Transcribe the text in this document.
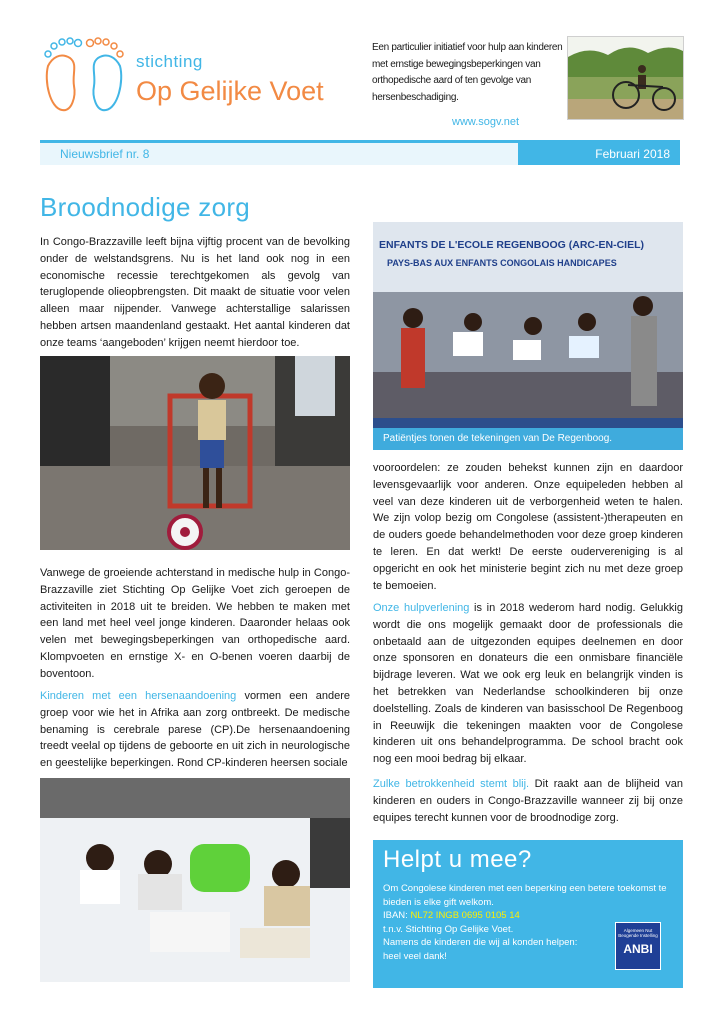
stichting
Op Gelijke Voet
Een particulier initiatief voor hulp aan kinderen met ernstige bewegingsbeperkingen van orthopedische aard of ten gevolge van hersenbeschadiging.
www.sogv.net
Nieuwsbrief nr. 8	Februari 2018
Broodnodige zorg

In Congo-Brazzaville leeft bijna vijftig procent van de bevolking onder de welstandsgrens. Nu is het land ook nog in een economische recessie terechtgekomen als gevolg van teruglopende olieopbrengsten. Dit maakt de situatie voor velen alleen maar nijpender. Vanwege achterstallige salarissen hebben artsen maandenland gestaakt. Het aantal kinderen dat onze teams ‘aangeboden’ krijgen neemt hierdoor toe.

Vanwege de groeiende achterstand in medische hulp in Congo-Brazzaville ziet Stichting Op Gelijke Voet zich geroepen de activiteiten in 2018 uit te breiden. We hebben te maken met een land met heel veel jonge kinderen. Daaronder helaas ook velen met bewegingsbeperkingen van orthopedische aard. Klompvoeten en ernstige X- en O-benen voeren daarbij de boventoon.

Kinderen met een hersenaandoening vormen een andere groep voor wie het in Afrika aan zorg ontbreekt. De medische benaming is cerebrale parese (CP).De hersenaandoening treedt veelal op tijdens de geboorte en uit zich in neurologische en geestelijke beperkingen. Rond CP-kinderen heersen sociale

ENFANTS DE L'ECOLE REGENBOOG (ARC-EN-CIEL)
PAYS-BAS AUX ENFANTS CONGOLAIS HANDICAPES
Patiëntjes tonen de tekeningen van De Regenboog.

vooroordelen: ze zouden behekst kunnen zijn en daardoor levensgevaarlijk voor anderen. Onze equipeleden hebben al veel van deze kinderen uit de verborgenheid weten te halen. We zijn volop bezig om Congolese (assistent-)therapeuten en de ouders goede behandelmethoden voor deze groep kinderen te leren. En dat werkt! De eerste oudervereniging is al opgericht en ook het ministerie begint zich nu met deze groep te bemoeien.

Onze hulpverlening is in 2018 wederom hard nodig. Gelukkig wordt die ons mogelijk gemaakt door de professionals die onbetaald aan de uitgezonden equipes deelnemen en door onze sponsoren en donateurs die een onmisbare financiële bijdrage leveren. Wat we ook erg leuk en belangrijk vinden is het betrekken van Nederlandse schoolkinderen bij onze doelstelling. Zoals de kinderen van basisschool De Regenboog in Reeuwijk die tekeningen maakten voor de Congolese kinderen uit ons behandelprogramma. De school bracht ook nog een mooi bedrag bij elkaar.

Zulke betrokkenheid stemt blij. Dit raakt aan de blijheid van kinderen en ouders in Congo-Brazzaville wanneer zij bij onze equipes terecht kunnen voor de broodnodige zorg.

Helpt u mee?
Om Congolese kinderen met een beperking een betere toekomst te bieden is elke gift welkom.
IBAN: NL72 INGB 0695 0105 14
t.n.v. Stichting Op Gelijke Voet.
Namens de kinderen die wij al konden helpen:
heel veel dank!
Algemeen Nut Beogende Instelling
ANBI
